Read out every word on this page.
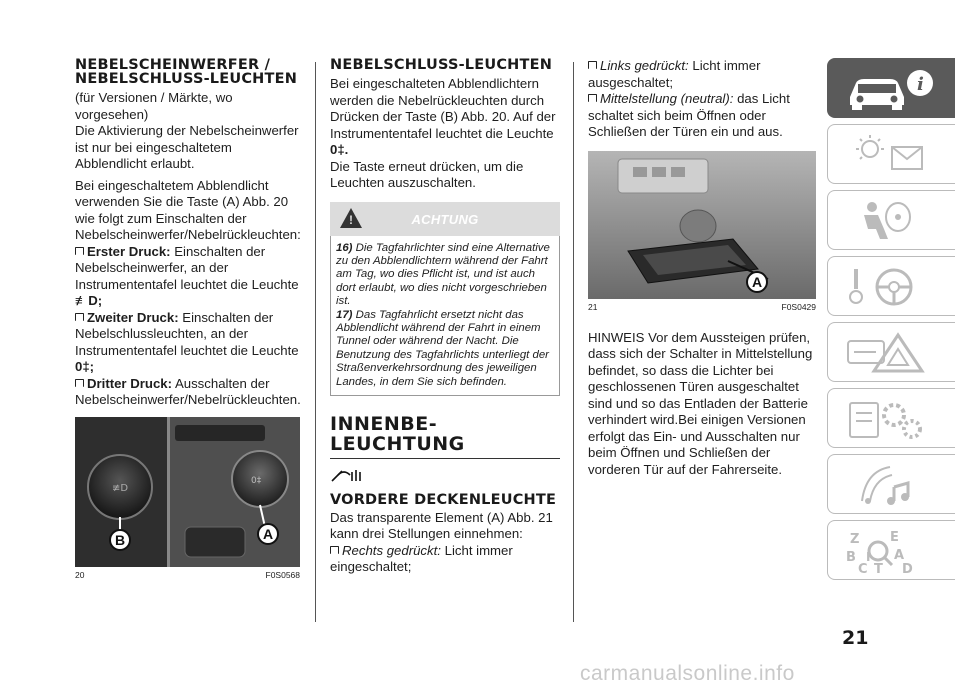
NEBELSCHEINWERFER / NEBELSCHLUSS-LEUCHTEN
(für Versionen / Märkte, wo vorgesehen)
Die Aktivierung der Nebelscheinwerfer ist nur bei eingeschaltetem Abblendlicht erlaubt.
Bei eingeschaltetem Abblendlicht verwenden Sie die Taste (A) Abb. 20 wie folgt zum Einschalten der Nebelscheinwerfer/Nebelrückleuchten:
Erster Druck: Einschalten der Nebelscheinwerfer, an der Instrumententafel leuchtet die Leuchte ≢D;
Zweiter Druck: Einschalten der Nebelschlussleuchten, an der Instrumententafel leuchtet die Leuchte 0‡;
Dritter Druck: Ausschalten der Nebelscheinwerfer/Nebelrückleuchten.
≢D
0‡
B	A
20	F0S0568
NEBELSCHLUSS-LEUCHTEN
Bei eingeschalteten Abblendlichtern werden die Nebelrückleuchten durch Drücken der Taste (B) Abb. 20. Auf der Instrumententafel leuchtet die Leuchte 0‡.
Die Taste erneut drücken, um die Leuchten auszuschalten.
!
ACHTUNG
16) Die Tagfahrlichter sind eine Alternative zu den Abblendlichtern während der Fahrt am Tag, wo dies Pflicht ist, und ist auch dort erlaubt, wo dies nicht vorgeschrieben ist.
17) Das Tagfahrlicht ersetzt nicht das Abblendlicht während der Fahrt in einem Tunnel oder während der Nacht. Die Benutzung des Tagfahrlichts unterliegt der Straßenverkehrsordnung des jeweiligen Landes, in dem Sie sich befinden.
INNENBE-LEUCHTUNG
VORDERE DECKENLEUCHTE
Das transparente Element (A) Abb. 21 kann drei Stellungen einnehmen:
Rechts gedrückt: Licht immer eingeschaltet;
Links gedrückt: Licht immer ausgeschaltet;
Mittelstellung (neutral): das Licht schaltet sich beim Öffnen oder Schließen der Türen ein und aus.
A
21	F0S0429
HINWEIS Vor dem Aussteigen prüfen, dass sich der Schalter in Mittelstellung befindet, so dass die Lichter bei geschlossenen Türen ausgeschaltet sind und so das Entladen der Batterie verhindert wird.Bei einigen Versionen erfolgt das Ein- und Ausschalten nur beim Öffnen und Schließen der vorderen Tür auf der Fahrerseite.
i
Z E
B	A
C T D
I
21
carmanualsonline.info
